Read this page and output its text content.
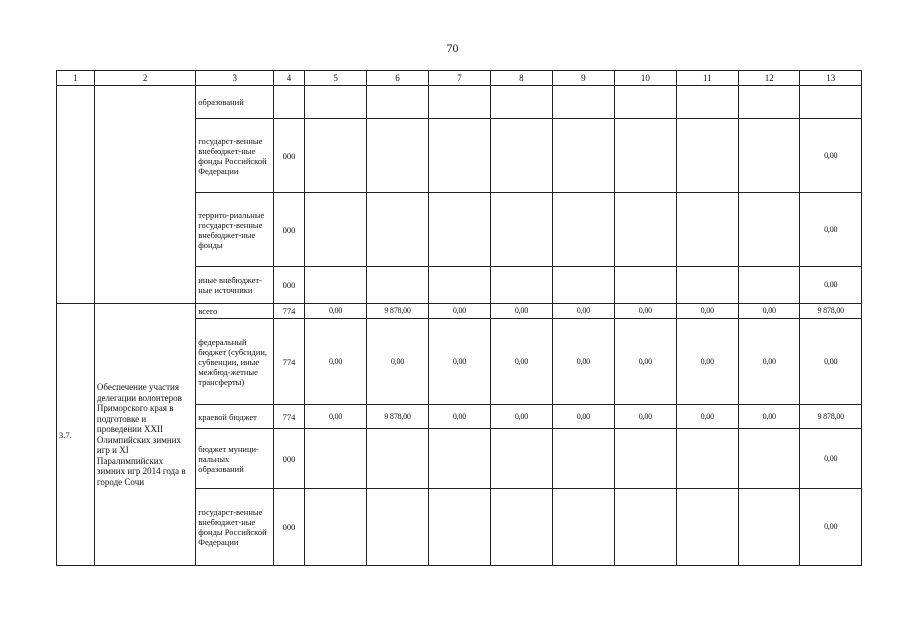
70
1	2	3	4	5	6	7	8	9	10	11	12	13
		образований										
		государст-венные внебюджет-ные фонды Российской Федерации	000									0,00
		террито-риальные государст-венные внебюджет-ные фонды	000									0,00
		иные внебюджет-ные источники	000									0,00
3.7.	Обеспечение участия делегации волонтеров Приморского края в подготовке и проведении XXII Олимпийских зимних игр и XI Паралимпийских зимних игр 2014 года в городе Сочи	всего	774	0,00	9 878,00	0,00	0,00	0,00	0,00	0,00	0,00	9 878,00
		федеральный бюджет (субсидии, субвенции, иные межбюд-жетные трансферты)	774	0,00	0,00	0,00	0,00	0,00	0,00	0,00	0,00	0,00
		краевой бюджет	774	0,00	9 878,00	0,00	0,00	0,00	0,00	0,00	0,00	9 878,00
		бюджет муници-пальных образований	000									0,00
		государст-венные внебюджет-ные фонды Российской Федерации	000									0,00
